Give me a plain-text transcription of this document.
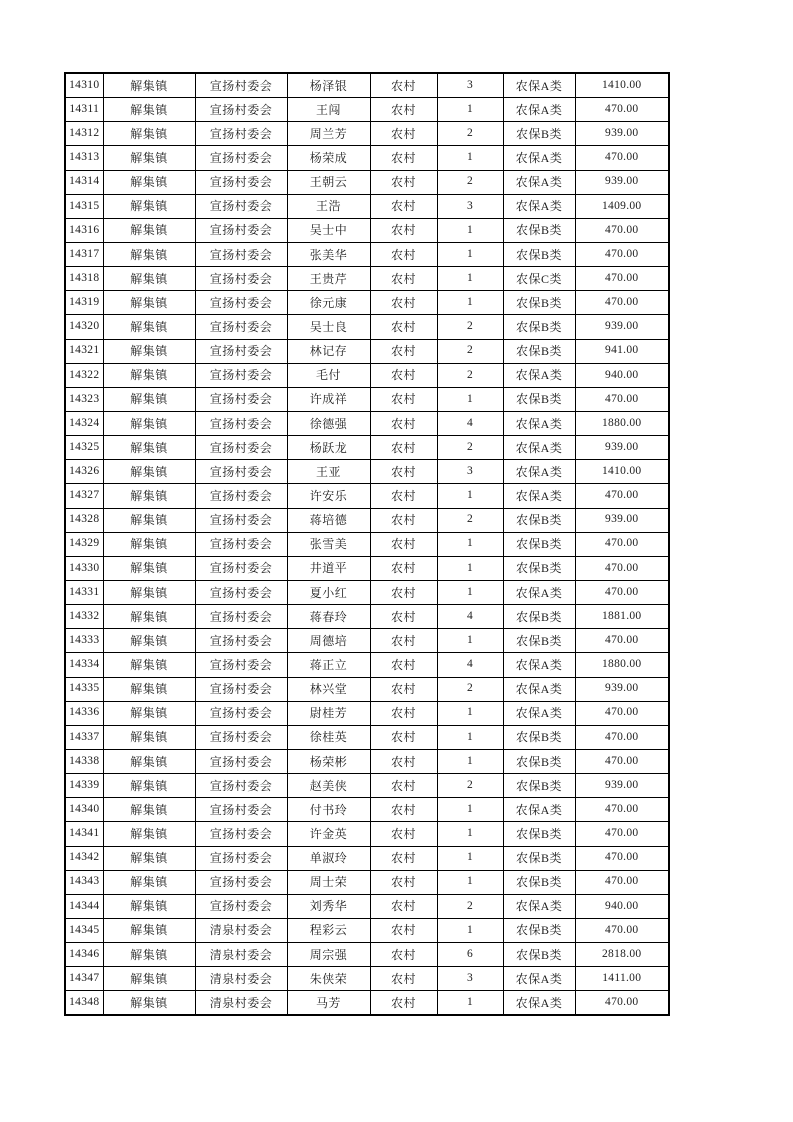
14310	解集镇	宣扬村委会	杨泽银	农村	3	农保A类	1410.00
14311	解集镇	宣扬村委会	王闯	农村	1	农保A类	470.00
14312	解集镇	宣扬村委会	周兰芳	农村	2	农保B类	939.00
14313	解集镇	宣扬村委会	杨荣成	农村	1	农保A类	470.00
14314	解集镇	宣扬村委会	王朝云	农村	2	农保A类	939.00
14315	解集镇	宣扬村委会	王浩	农村	3	农保A类	1409.00
14316	解集镇	宣扬村委会	吴士中	农村	1	农保B类	470.00
14317	解集镇	宣扬村委会	张美华	农村	1	农保B类	470.00
14318	解集镇	宣扬村委会	王贵芹	农村	1	农保C类	470.00
14319	解集镇	宣扬村委会	徐元康	农村	1	农保B类	470.00
14320	解集镇	宣扬村委会	吴士良	农村	2	农保B类	939.00
14321	解集镇	宣扬村委会	林记存	农村	2	农保B类	941.00
14322	解集镇	宣扬村委会	毛付	农村	2	农保A类	940.00
14323	解集镇	宣扬村委会	许成祥	农村	1	农保B类	470.00
14324	解集镇	宣扬村委会	徐德强	农村	4	农保A类	1880.00
14325	解集镇	宣扬村委会	杨跃龙	农村	2	农保A类	939.00
14326	解集镇	宣扬村委会	王亚	农村	3	农保A类	1410.00
14327	解集镇	宣扬村委会	许安乐	农村	1	农保A类	470.00
14328	解集镇	宣扬村委会	蒋培德	农村	2	农保B类	939.00
14329	解集镇	宣扬村委会	张雪美	农村	1	农保B类	470.00
14330	解集镇	宣扬村委会	井道平	农村	1	农保B类	470.00
14331	解集镇	宣扬村委会	夏小红	农村	1	农保A类	470.00
14332	解集镇	宣扬村委会	蒋春玲	农村	4	农保B类	1881.00
14333	解集镇	宣扬村委会	周德培	农村	1	农保B类	470.00
14334	解集镇	宣扬村委会	蒋正立	农村	4	农保A类	1880.00
14335	解集镇	宣扬村委会	林兴堂	农村	2	农保A类	939.00
14336	解集镇	宣扬村委会	尉桂芳	农村	1	农保A类	470.00
14337	解集镇	宣扬村委会	徐桂英	农村	1	农保B类	470.00
14338	解集镇	宣扬村委会	杨荣彬	农村	1	农保B类	470.00
14339	解集镇	宣扬村委会	赵美侠	农村	2	农保B类	939.00
14340	解集镇	宣扬村委会	付书玲	农村	1	农保A类	470.00
14341	解集镇	宣扬村委会	许金英	农村	1	农保B类	470.00
14342	解集镇	宣扬村委会	单淑玲	农村	1	农保B类	470.00
14343	解集镇	宣扬村委会	周士荣	农村	1	农保B类	470.00
14344	解集镇	宣扬村委会	刘秀华	农村	2	农保A类	940.00
14345	解集镇	清泉村委会	程彩云	农村	1	农保B类	470.00
14346	解集镇	清泉村委会	周宗强	农村	6	农保B类	2818.00
14347	解集镇	清泉村委会	朱侠荣	农村	3	农保A类	1411.00
14348	解集镇	清泉村委会	马芳	农村	1	农保A类	470.00
